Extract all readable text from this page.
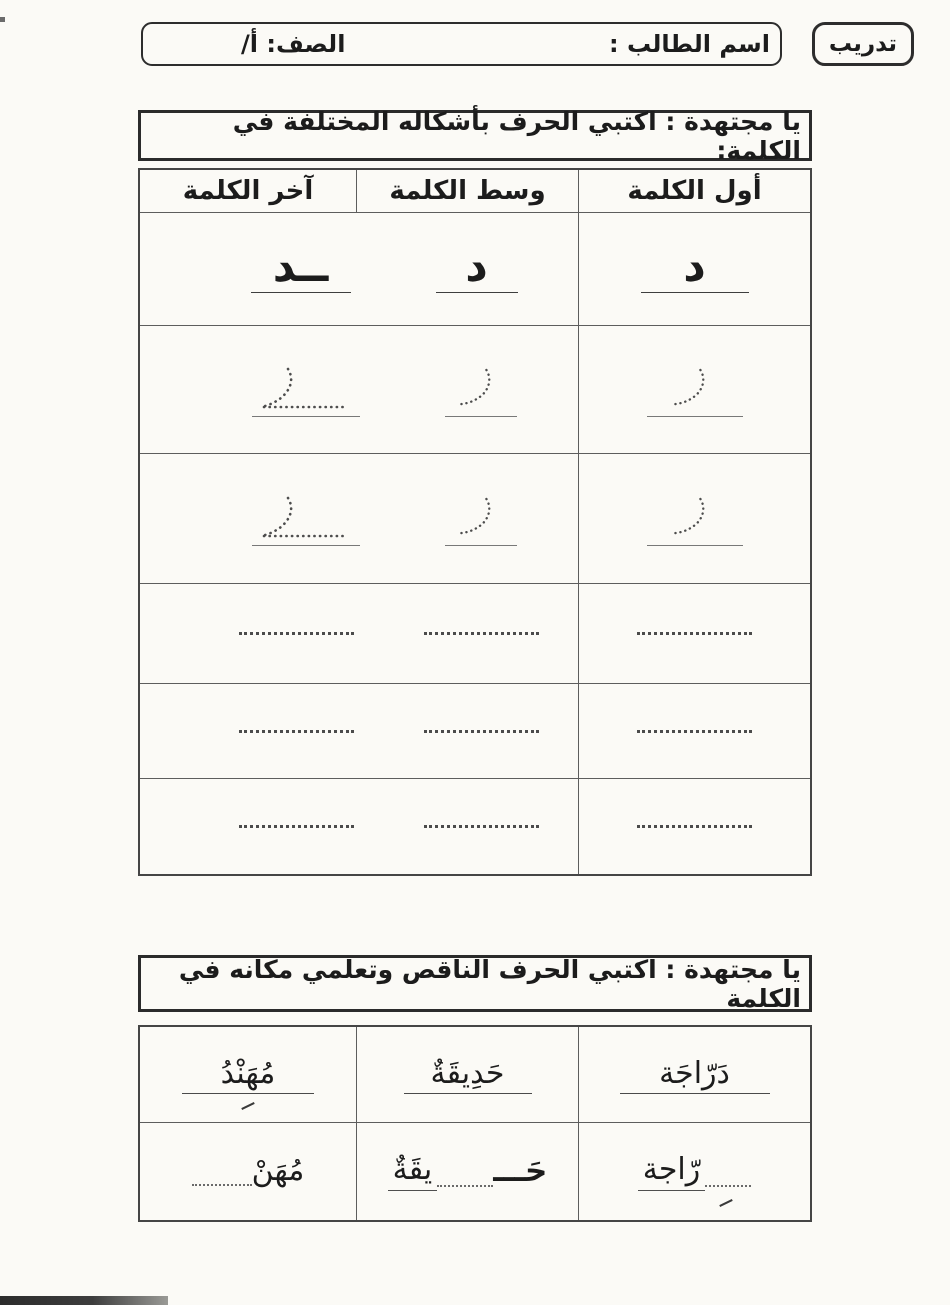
تدريب
اسم الطالب :
الصف: أ/
يا مجتهدة : اكتبي الحرف بأشكاله المختلفة في الكلمة:
آخر الكلمة	وسط الكلمة	أول الكلمة
ــد	د	د
يا مجتهدة : اكتبي الحرف الناقص وتعلمي مكانه في الكلمة
مُهَنْدُ	حَدِيقَةٌ	دَرّاجَة
مُهَنْ	يقَةٌ حَـــ	رّاجة
